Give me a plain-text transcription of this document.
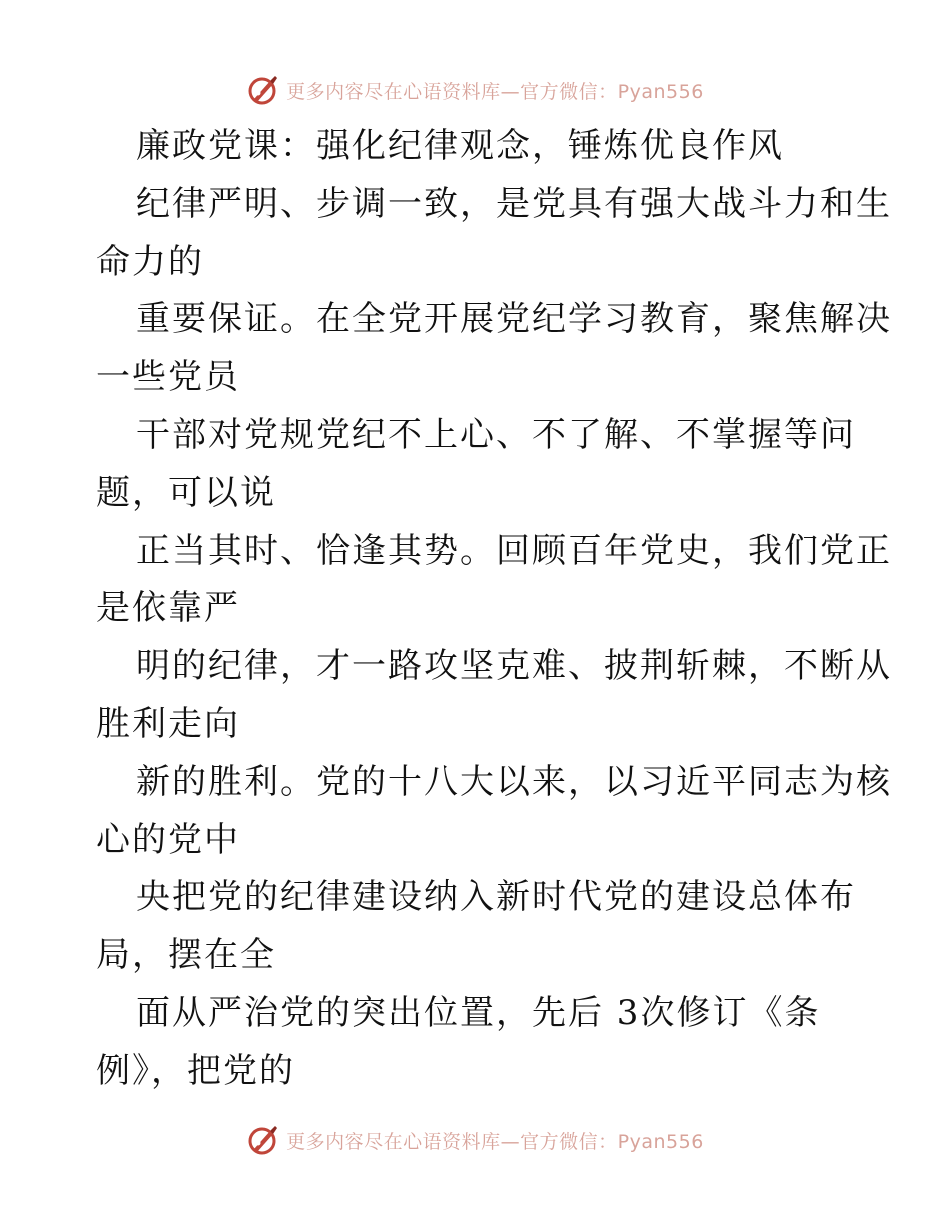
更多内容尽在心语资料库—官方微信：Pyan556
廉政党课：强化纪律观念，锤炼优良作风
纪律严明、步调一致，是党具有强大战斗力和生
命力的
重要保证。在全党开展党纪学习教育，聚焦解决
一些党员
干部对党规党纪不上心、不了解、不掌握等问
题，可以说
正当其时、恰逢其势。回顾百年党史，我们党正
是依靠严
明的纪律，才一路攻坚克难、披荆斩棘，不断从
胜利走向
新的胜利。党的十八大以来，以习近平同志为核
心的党中
央把党的纪律建设纳入新时代党的建设总体布
局，摆在全
面从严治党的突出位置，先后 3次修订《条
例》，把党的
更多内容尽在心语资料库—官方微信：Pyan556
